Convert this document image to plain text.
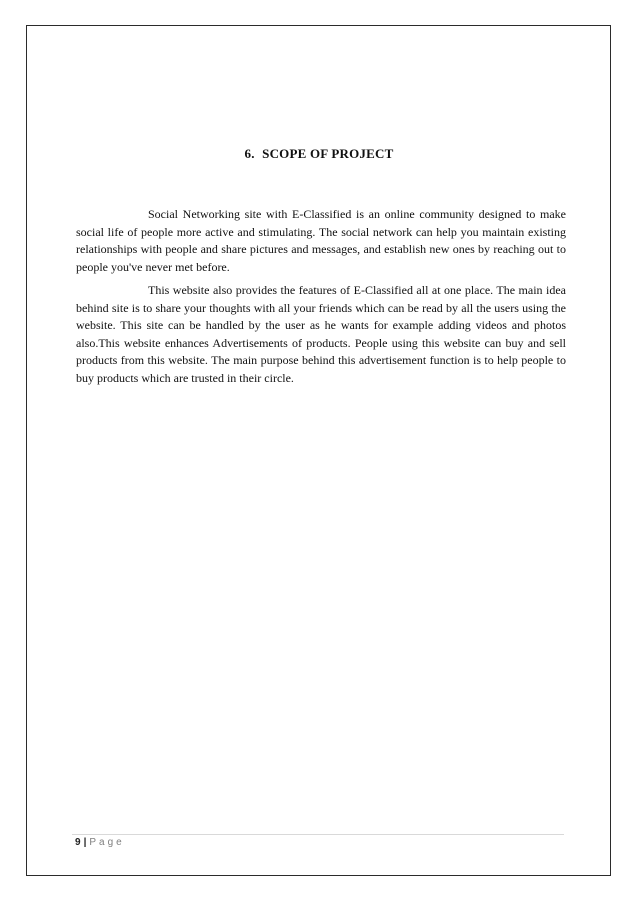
6. SCOPE OF PROJECT

Social Networking site with E-Classified is an online community designed to make social life of people more active and stimulating. The social network can help you maintain existing relationships with people and share pictures and messages, and establish new ones by reaching out to people you've never met before.

This website also provides the features of E-Classified all at one place. The main idea behind site is to share your thoughts with all your friends which can be read by all the users using the website. This site can be handled by the user as he wants for example adding videos and photos also.This website enhances Advertisements of products. People using this website can buy and sell products from this website. The main purpose behind this advertisement function is to help people to buy products which are trusted in their circle.

9 | Page
